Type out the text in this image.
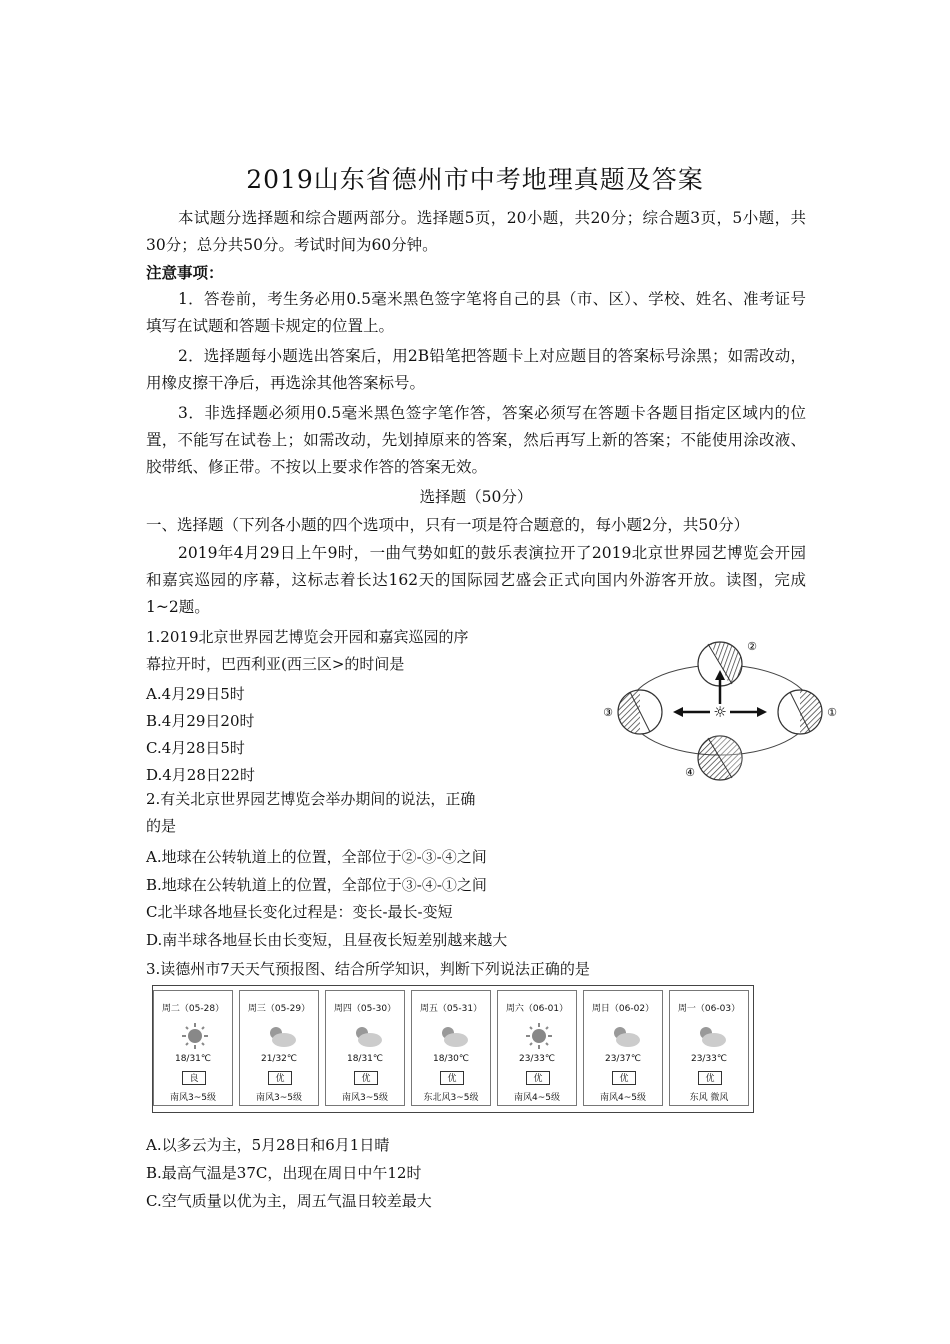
2019山东省德州市中考地理真题及答案
本试题分选择题和综合题两部分。选择题5页，20小题，共20分；综合题3页，5小题，共30分；总分共50分。考试时间为60分钟。
注意事项：
1．答卷前，考生务必用0.5毫米黑色签字笔将自己的县（市、区）、学校、姓名、准考证号填写在试题和答题卡规定的位置上。
2．选择题每小题选出答案后，用2B铅笔把答题卡上对应题目的答案标号涂黑；如需改动，用橡皮擦干净后，再选涂其他答案标号。
3．非选择题必须用0.5毫米黑色签字笔作答，答案必须写在答题卡各题目指定区域内的位置，不能写在试卷上；如需改动，先划掉原来的答案，然后再写上新的答案；不能使用涂改液、胶带纸、修正带。不按以上要求作答的答案无效。
选择题（50分）
一、选择题（下列各小题的四个选项中，只有一项是符合题意的，每小题2分，共50分）
2019年4月29日上午9时，一曲气势如虹的鼓乐表演拉开了2019北京世界园艺博览会开园和嘉宾巡园的序幕，这标志着长达162天的国际园艺盛会正式向国内外游客开放。读图，完成1~2题。
1.2019北京世界园艺博览会开园和嘉宾巡园的序
幕拉开时，巴西利亚(西三区>的时间是
A.4月29日5时
B.4月29日20时
C.4月28日5时
D.4月28日22时
2.有关北京世界园艺博览会举办期间的说法，正确
的是
A.地球在公转轨道上的位置，全部位于②-③-④之间
B.地球在公转轨道上的位置，全部位于③-④-①之间
C北半球各地昼长变化过程是：变长-最长-变短
D.南半球各地昼长由长变短，且昼夜长短差别越来越大
☼
②
①
③
④
3.读德州市7天天气预报图、结合所学知识，判断下列说法正确的是
周二（05-28）
18/31℃
良
南风3~5级
周三（05-29）
21/32℃
优
南风3~5级
周四（05-30）
18/31℃
优
南风3~5级
周五（05-31）
18/30℃
优
东北风3~5级
周六（06-01）
23/33℃
优
南风4~5级
周日（06-02）
23/37℃
优
南风4~5级
周一（06-03）
23/33℃
优
东风 微风
A.以多云为主，5月28日和6月1日晴
B.最高气温是37C，出现在周日中午12时
C.空气质量以优为主，周五气温日较差最大
